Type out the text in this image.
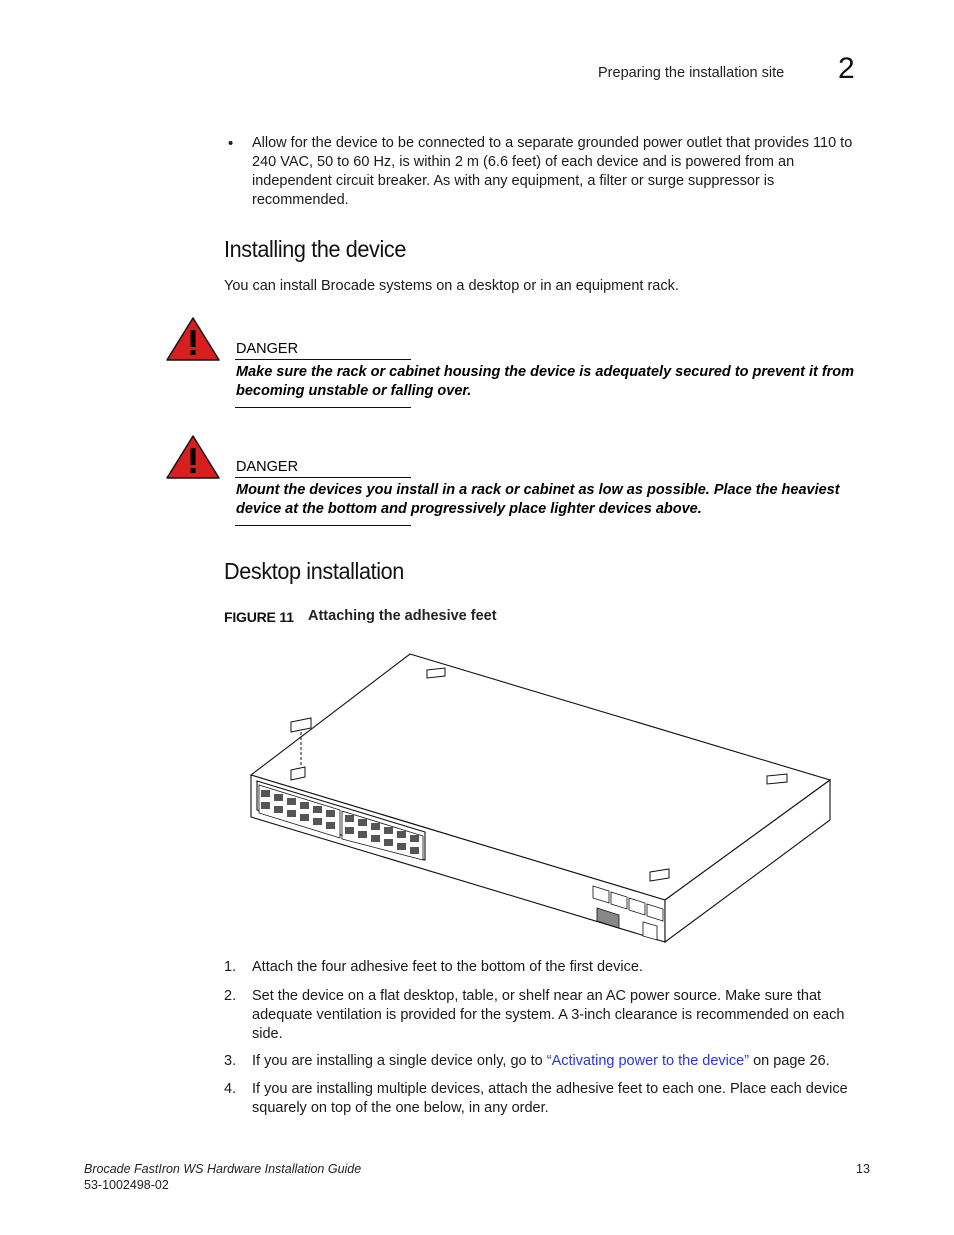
Preparing the installation site 2
• Allow for the device to be connected to a separate grounded power outlet that provides 110 to 240 VAC, 50 to 60 Hz, is within 2 m (6.6 feet) of each device and is powered from an independent circuit breaker. As with any equipment, a filter or surge suppressor is recommended.
Installing the device
You can install Brocade systems on a desktop or in an equipment rack.
DANGER
Make sure the rack or cabinet housing the device is adequately secured to prevent it from becoming unstable or falling over.
DANGER
Mount the devices you install in a rack or cabinet as low as possible. Place the heaviest device at the bottom and progressively place lighter devices above.
Desktop installation
FIGURE 11 Attaching the adhesive feet
1. Attach the four adhesive feet to the bottom of the first device.
2. Set the device on a flat desktop, table, or shelf near an AC power source. Make sure that adequate ventilation is provided for the system. A 3-inch clearance is recommended on each side.
3. If you are installing a single device only, go to “Activating power to the device” on page 26.
4. If you are installing multiple devices, attach the adhesive feet to each one. Place each device squarely on top of the one below, in any order.
Brocade FastIron WS Hardware Installation Guide
53-1002498-02
13
